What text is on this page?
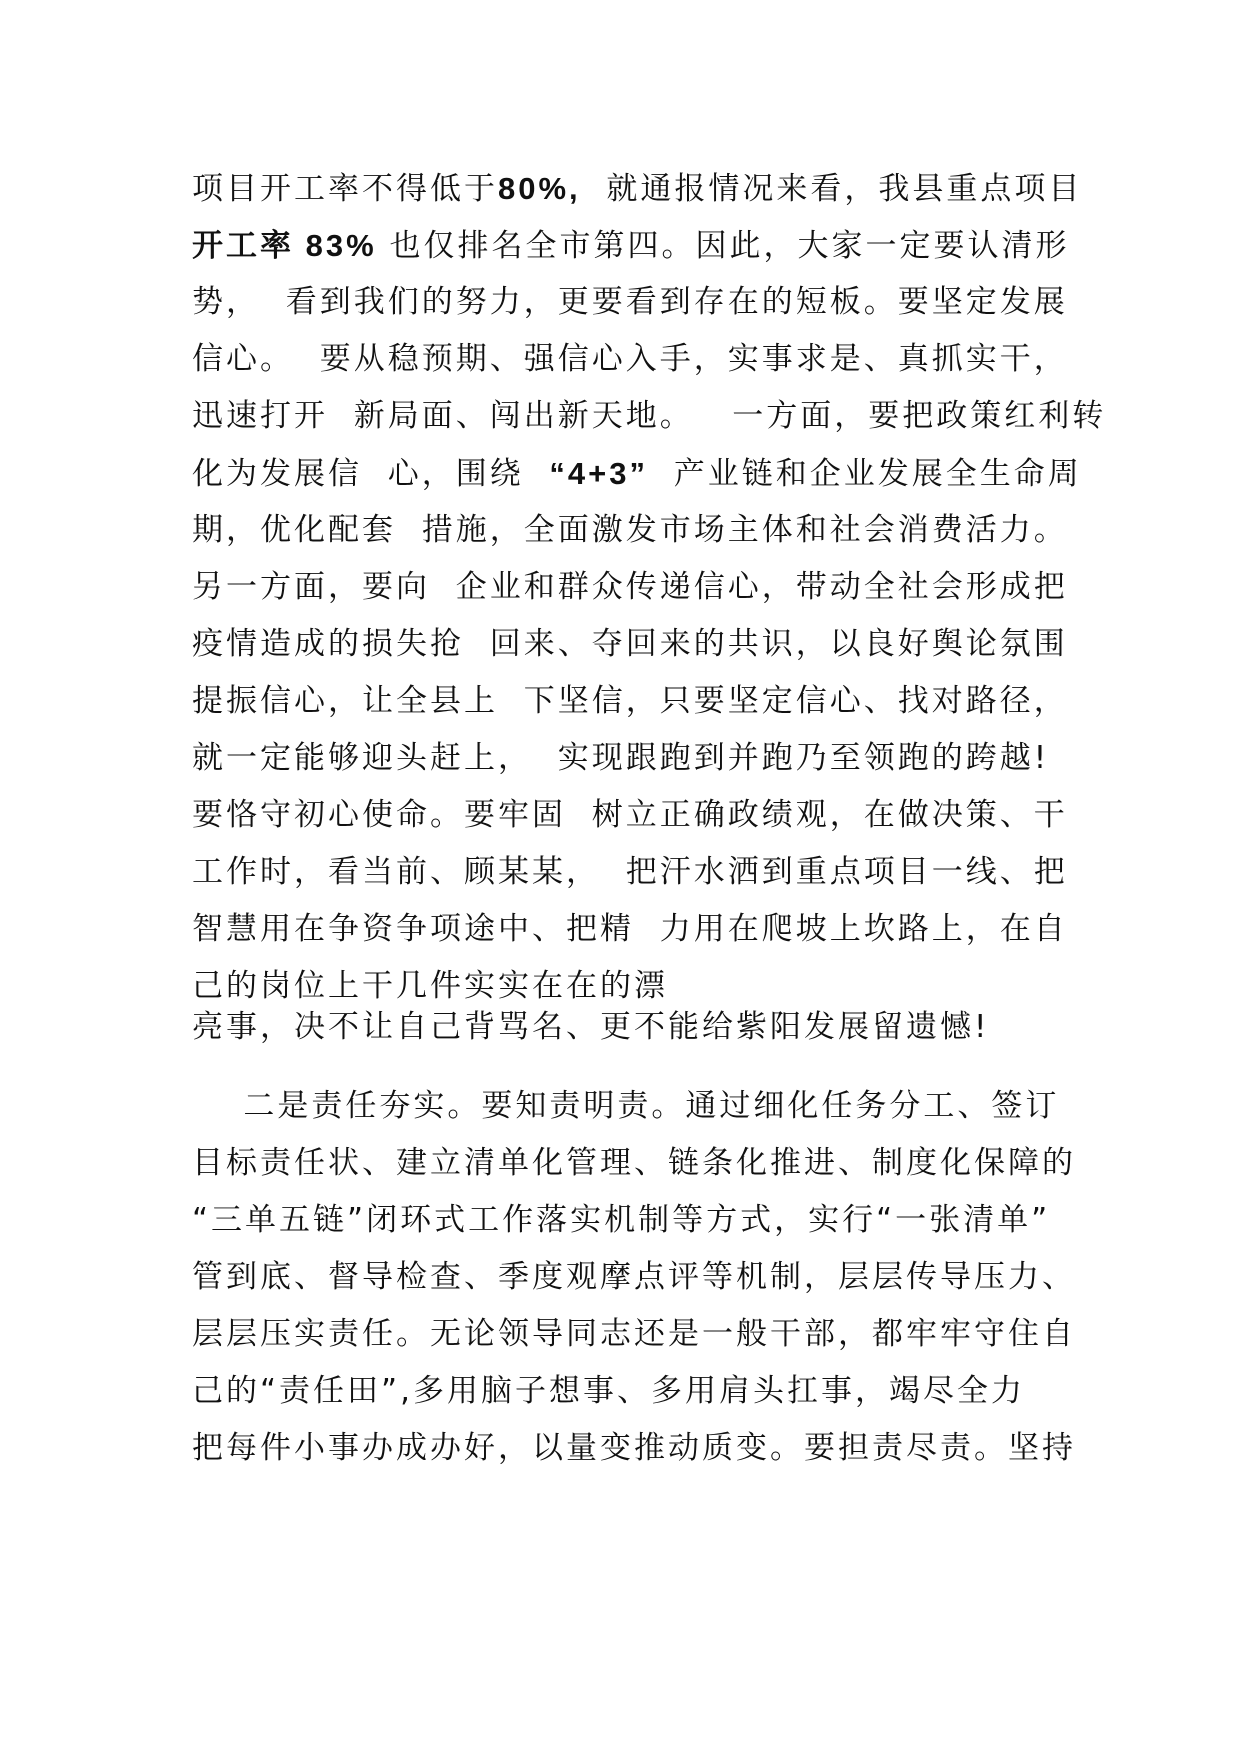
项目开工率不得低于80%,  就通报情况来看，我县重点项目
开工率 83% 也仅排名全市第四。因此，大家一定要认清形
势，  看到我们的努力，更要看到存在的短板。要坚定发展
信心。  要从稳预期、强信心入手，实事求是、真抓实干，
迅速打开  新局面、闯出新天地。   一方面，要把政策红利转
化为发展信  心，围绕  “4+3”  产业链和企业发展全生命周
期，优化配套  措施，全面激发市场主体和社会消费活力。
另一方面，要向  企业和群众传递信心，带动全社会形成把
疫情造成的损失抢  回来、夺回来的共识，以良好舆论氛围
提振信心，让全县上  下坚信，只要坚定信心、找对路径，
就一定能够迎头赶上，  实现跟跑到并跑乃至领跑的跨越!
要恪守初心使命。要牢固  树立正确政绩观，在做决策、干
工作时，看当前、顾某某，  把汗水洒到重点项目一线、把
智慧用在争资争项途中、把精  力用在爬坡上坎路上，在自
己的岗位上干几件实实在在的漂
亮事，决不让自己背骂名、更不能给紫阳发展留遗憾!
二是责任夯实。要知责明责。通过细化任务分工、签订
目标责任状、建立清单化管理、链条化推进、制度化保障的
“三单五链”闭环式工作落实机制等方式，实行“一张清单”
管到底、督导检查、季度观摩点评等机制，层层传导压力、
层层压实责任。无论领导同志还是一般干部，都牢牢守住自
己的“责任田”,多用脑子想事、多用肩头扛事，竭尽全力
把每件小事办成办好，以量变推动质变。要担责尽责。坚持
